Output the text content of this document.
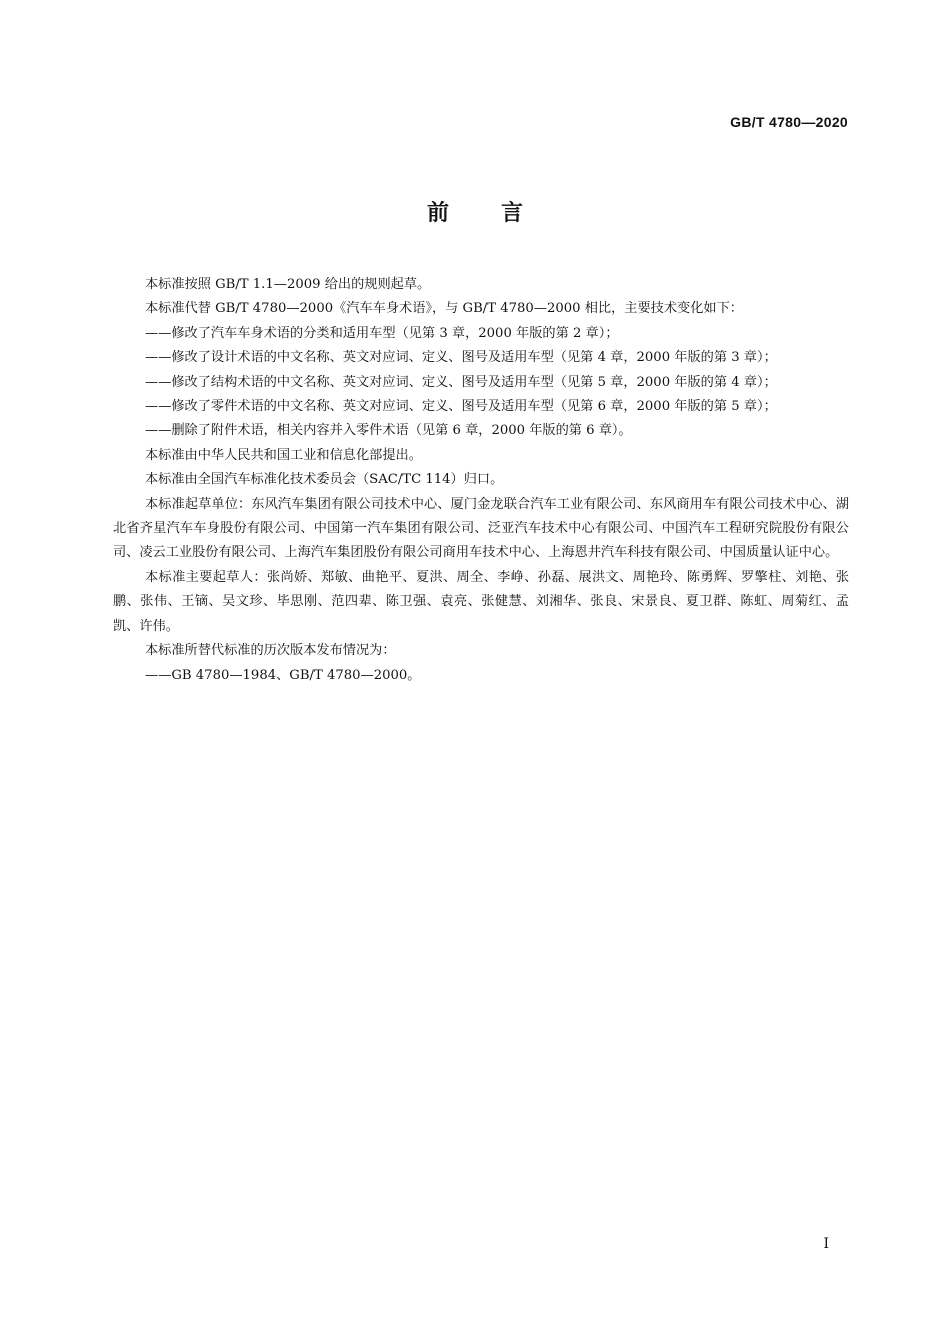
GB/T 4780—2020
前言

本标准按照 GB/T 1.1—2009 给出的规则起草。

本标准代替 GB/T 4780—2000《汽车车身术语》，与 GB/T 4780—2000 相比，主要技术变化如下：

——修改了汽车车身术语的分类和适用车型（见第 3 章，2000 年版的第 2 章）；

——修改了设计术语的中文名称、英文对应词、定义、图号及适用车型（见第 4 章，2000 年版的第 3 章）；

——修改了结构术语的中文名称、英文对应词、定义、图号及适用车型（见第 5 章，2000 年版的第 4 章）；

——修改了零件术语的中文名称、英文对应词、定义、图号及适用车型（见第 6 章，2000 年版的第 5 章）；

——删除了附件术语，相关内容并入零件术语（见第 6 章，2000 年版的第 6 章）。

本标准由中华人民共和国工业和信息化部提出。

本标准由全国汽车标准化技术委员会（SAC/TC 114）归口。

本标准起草单位：东风汽车集团有限公司技术中心、厦门金龙联合汽车工业有限公司、东风商用车有限公司技术中心、湖北省齐星汽车车身股份有限公司、中国第一汽车集团有限公司、泛亚汽车技术中心有限公司、中国汽车工程研究院股份有限公司、凌云工业股份有限公司、上海汽车集团股份有限公司商用车技术中心、上海恩井汽车科技有限公司、中国质量认证中心。

本标准主要起草人：张尚娇、郑敏、曲艳平、夏洪、周全、李峥、孙磊、展洪文、周艳玲、陈勇辉、罗擎柱、刘艳、张鹏、张伟、王镝、吴文珍、毕思刚、范四辈、陈卫强、袁亮、张健慧、刘湘华、张良、宋景良、夏卫群、陈虹、周菊红、孟凯、许伟。

本标准所替代标准的历次版本发布情况为：

——GB 4780—1984、GB/T 4780—2000。

I
